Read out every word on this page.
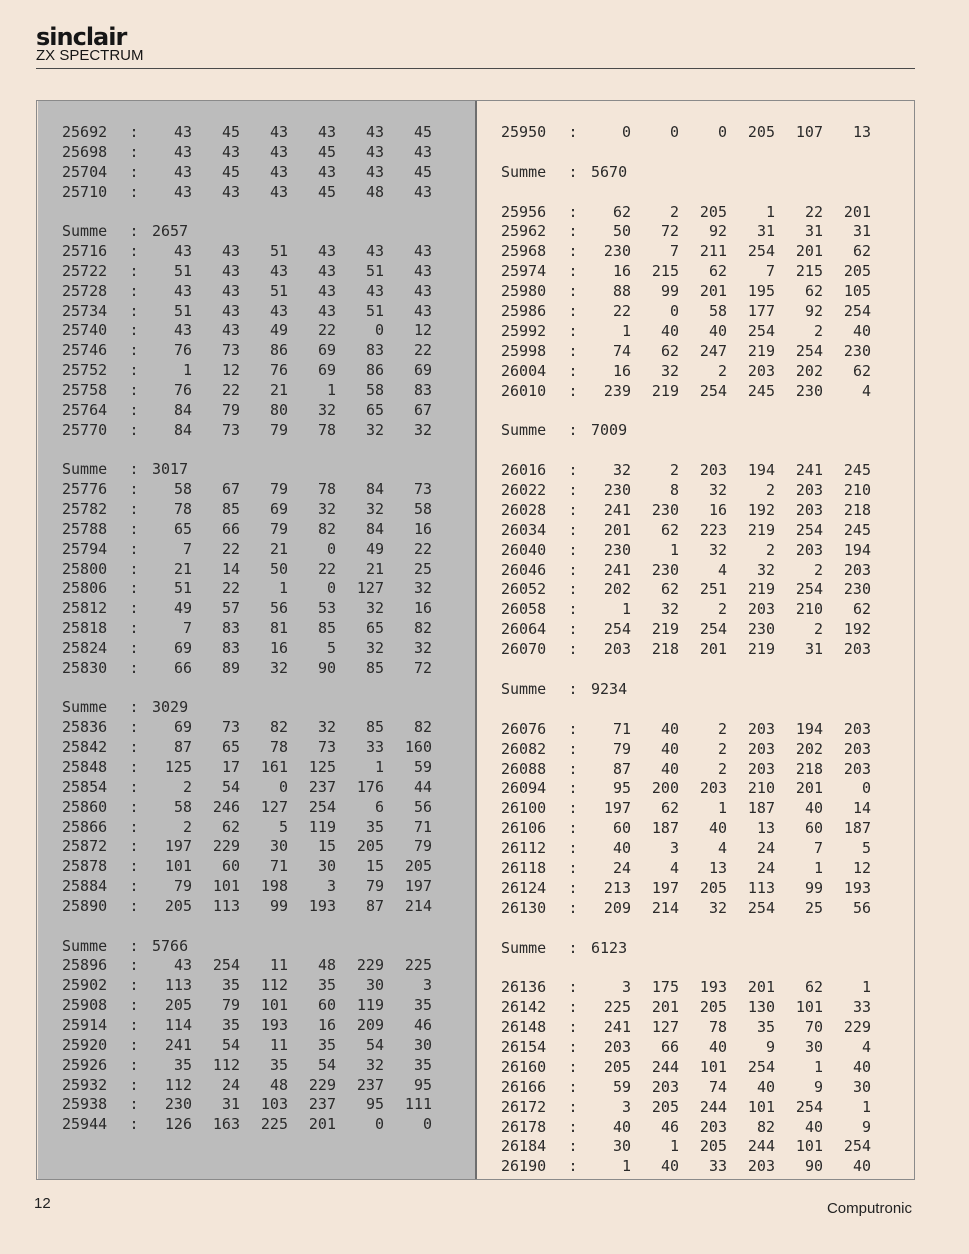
sinclair
ZX SPECTRUM
25692 : 43 45 43 43 43 45
25698 : 43 43 43 45 43 43
25704 : 43 45 43 43 43 45
25710 : 43 43 43 45 48 43
Summe : 2657
25716 : 43 43 51 43 43 43
25722 : 51 43 43 43 51 43
25728 : 43 43 51 43 43 43
25734 : 51 43 43 43 51 43
25740 : 43 43 49 22	0 12
25746 : 76 73 86 69 83 22
25752 :	1 12 76 69 86 69
25758 : 76 22 21	1 58 83
25764 : 84 79 80 32 65 67
25770 : 84 73 79 78 32 32
Summe : 3017
25776 : 58 67 79 78 84 73
25782 : 78 85 69 32 32 58
25788 : 65 66 79 82 84 16
25794 :	7 22 21	0 49 22
25800 : 21 14 50 22 21 25
25806 : 51 22	1	0 127 32
25812 : 49 57 56 53 32 16
25818 :	7 83 81 85 65 82
25824 : 69 83 16	5 32 32
25830 : 66 89 32 90 85 72
Summe : 3029
25836 : 69 73 82 32 85 82
25842 : 87 65 78 73 33 160
25848 : 125 17 161 125	1 59
25854 :	2 54	0 237 176 44
25860 : 58 246 127 254	6 56
25866 :	2 62	5 119 35 71
25872 : 197 229 30 15 205 79
25878 : 101 60 71 30 15 205
25884 : 79 101 198	3 79 197
25890 : 205 113 99 193 87 214
Summe : 5766
25896 : 43 254 11 48 229 225
25902 : 113 35 112 35 30	3
25908 : 205 79 101 60 119 35
25914 : 114 35 193 16 209 46
25920 : 241 54 11 35 54 30
25926 : 35 112 35 54 32 35
25932 : 112 24 48 229 237 95
25938 : 230 31 103 237 95 111
25944 : 126 163 225 201	0	0
25950 :	0	0	0 205 107 13
Summe : 5670
25956 : 62	2 205	1 22 201
25962 : 50 72 92 31 31 31
25968 : 230	7 211 254 201 62
25974 : 16 215 62	7 215 205
25980 : 88 99 201 195 62 105
25986 : 22	0 58 177 92 254
25992 :	1 40 40 254	2 40
25998 : 74 62 247 219 254 230
26004 : 16 32	2 203 202 62
26010 : 239 219 254 245 230	4
Summe : 7009
26016 : 32	2 203 194 241 245
26022 : 230	8 32	2 203 210
26028 : 241 230 16 192 203 218
26034 : 201 62 223 219 254 245
26040 : 230	1 32	2 203 194
26046 : 241 230	4 32	2 203
26052 : 202 62 251 219 254 230
26058 :	1 32	2 203 210 62
26064 : 254 219 254 230	2 192
26070 : 203 218 201 219 31 203
Summe : 9234
26076 : 71 40	2 203 194 203
26082 : 79 40	2 203 202 203
26088 : 87 40	2 203 218 203
26094 : 95 200 203 210 201	0
26100 : 197 62	1 187 40 14
26106 : 60 187 40 13 60 187
26112 : 40	3	4 24	7	5
26118 : 24	4 13 24	1 12
26124 : 213 197 205 113 99 193
26130 : 209 214 32 254 25 56
Summe : 6123
26136 :	3 175 193 201 62	1
26142 : 225 201 205 130 101 33
26148 : 241 127 78 35 70 229
26154 : 203 66 40	9 30	4
26160 : 205 244 101 254	1 40
26166 : 59 203 74 40	9 30
26172 :	3 205 244 101 254	1
26178 : 40 46 203 82 40	9
26184 : 30	1 205 244 101 254
26190 :	1 40 33 203 90 40
12	Computronic
